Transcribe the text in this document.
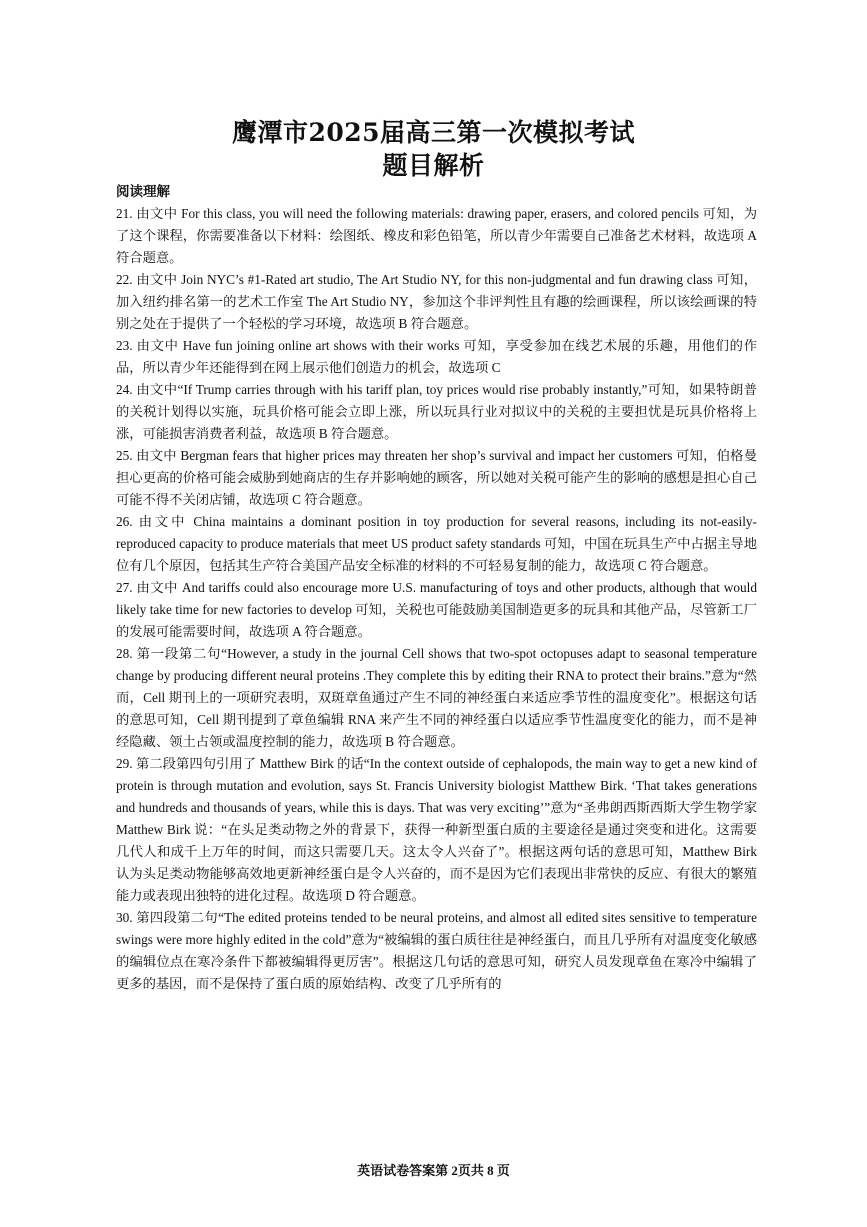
鹰潭市2025届高三第一次模拟考试
题目解析
阅读理解

21. 由文中 For this class, you will need the following materials: drawing paper, erasers, and colored pencils 可知，为了这个课程，你需要准备以下材料：绘图纸、橡皮和彩色铅笔，所以青少年需要自己准备艺术材料，故选项 A 符合题意。

22. 由文中 Join NYC’s #1-Rated art studio, The Art Studio NY, for this non-judgmental and fun drawing class 可知，加入纽约排名第一的艺术工作室 The Art Studio NY，参加这个非评判性且有趣的绘画课程，所以该绘画课的特别之处在于提供了一个轻松的学习环境，故选项 B 符合题意。

23. 由文中 Have fun joining online art shows with their works 可知，享受参加在线艺术展的乐趣，用他们的作品，所以青少年还能得到在网上展示他们创造力的机会，故选项 C

24. 由文中“If Trump carries through with his tariff plan, toy prices would rise probably instantly,”可知，如果特朗普的关税计划得以实施，玩具价格可能会立即上涨，所以玩具行业对拟议中的关税的主要担忧是玩具价格将上涨，可能损害消费者利益，故选项 B 符合题意。

25. 由文中 Bergman fears that higher prices may threaten her shop’s survival and impact her customers 可知，伯格曼担心更高的价格可能会威胁到她商店的生存并影响她的顾客，所以她对关税可能产生的影响的感想是担心自己可能不得不关闭店铺，故选项 C 符合题意。

26. 由文中 China maintains a dominant position in toy production for several reasons, including its not-easily-reproduced capacity to produce materials that meet US product safety standards 可知，中国在玩具生产中占据主导地位有几个原因，包括其生产符合美国产品安全标准的材料的不可轻易复制的能力，故选项 C 符合题意。

27. 由文中 And tariffs could also encourage more U.S. manufacturing of toys and other products, although that would likely take time for new factories to develop 可知，关税也可能鼓励美国制造更多的玩具和其他产品，尽管新工厂的发展可能需要时间，故选项 A 符合题意。

28. 第一段第二句“However, a study in the journal Cell shows that two-spot octopuses adapt to seasonal temperature change by producing different neural proteins .They complete this by editing their RNA to protect their brains.”意为“然而，Cell 期刊上的一项研究表明，双斑章鱼通过产生不同的神经蛋白来适应季节性的温度变化”。根据这句话的意思可知，Cell 期刊提到了章鱼编辑 RNA 来产生不同的神经蛋白以适应季节性温度变化的能力，而不是神经隐藏、领土占领或温度控制的能力，故选项 B 符合题意。

29. 第二段第四句引用了 Matthew Birk 的话“In the context outside of cephalopods, the main way to get a new kind of protein is through mutation and evolution, says St. Francis University biologist Matthew Birk. ‘That takes generations and hundreds and thousands of years, while this is days. That was very exciting’”意为“圣弗朗西斯西斯大学生物学家 Matthew Birk 说：“在头足类动物之外的背景下，获得一种新型蛋白质的主要途径是通过突变和进化。这需要几代人和成千上万年的时间，而这只需要几天。这太令人兴奋了”。根据这两句话的意思可知，Matthew Birk 认为头足类动物能够高效地更新神经蛋白是令人兴奋的，而不是因为它们表现出非常快的反应、有很大的繁殖能力或表现出独特的进化过程。故选项 D 符合题意。

30. 第四段第二句“The edited proteins tended to be neural proteins, and almost all edited sites sensitive to temperature swings were more highly edited in the cold”意为“被编辑的蛋白质往往是神经蛋白，而且几乎所有对温度变化敏感的编辑位点在寒冷条件下都被编辑得更厉害”。根据这几句话的意思可知，研究人员发现章鱼在寒冷中编辑了更多的基因，而不是保持了蛋白质的原始结构、改变了几乎所有的

英语试卷答案第 2页共 8 页
